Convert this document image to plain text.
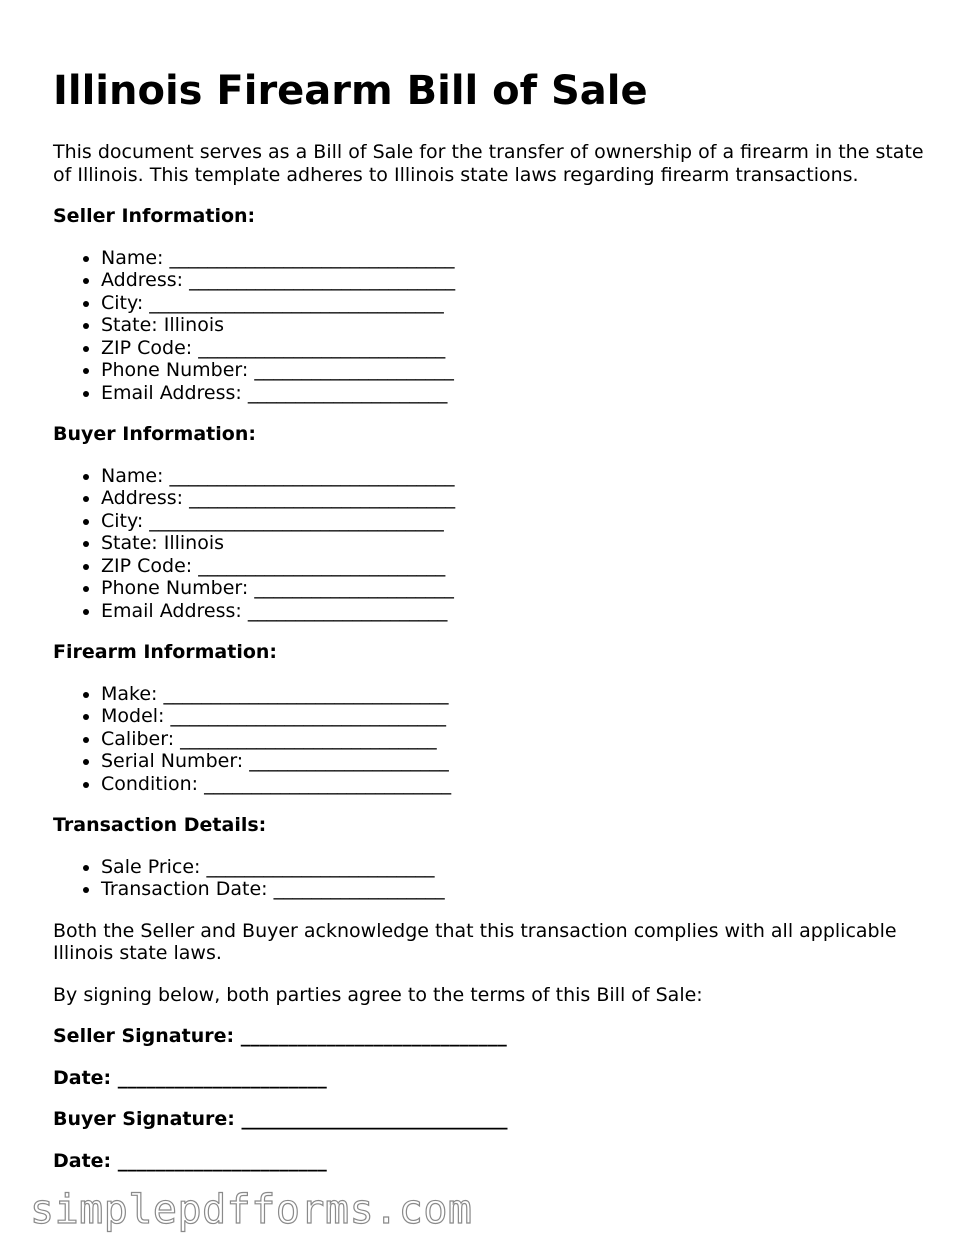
Illinois Firearm Bill of Sale

This document serves as a Bill of Sale for the transfer of ownership of a firearm in the state of Illinois. This template adheres to Illinois state laws regarding firearm transactions.

Seller Information:

• Name: ______________________________
• Address: ____________________________
• City: _______________________________
• State: Illinois
• ZIP Code: __________________________
• Phone Number: _____________________
• Email Address: _____________________

Buyer Information:

• Name: ______________________________
• Address: ____________________________
• City: _______________________________
• State: Illinois
• ZIP Code: __________________________
• Phone Number: _____________________
• Email Address: _____________________

Firearm Information:

• Make: ______________________________
• Model: _____________________________
• Caliber: ___________________________
• Serial Number: _____________________
• Condition: __________________________

Transaction Details:

• Sale Price: ________________________
• Transaction Date: __________________

Both the Seller and Buyer acknowledge that this transaction complies with all applicable Illinois state laws.

By signing below, both parties agree to the terms of this Bill of Sale:

Seller Signature: ____________________________

Date: ______________________

Buyer Signature: ____________________________

Date: ______________________

simplepdfforms.com
